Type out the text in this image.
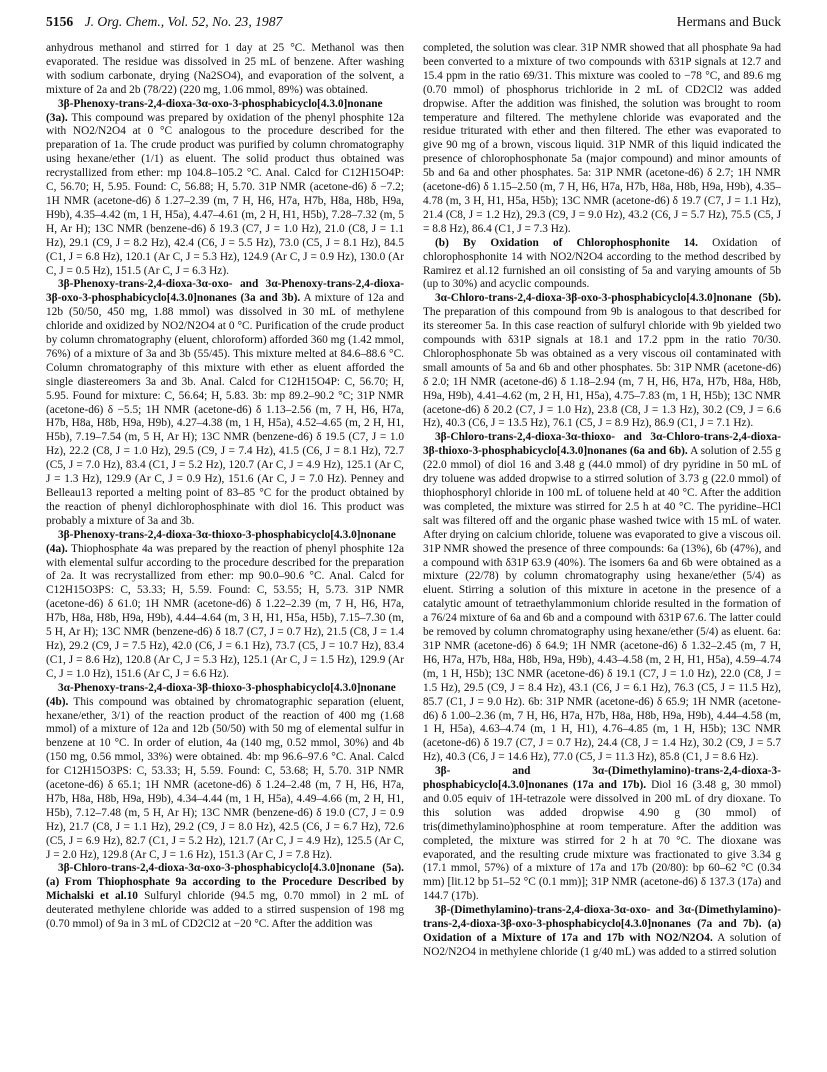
5156 J. Org. Chem., Vol. 52, No. 23, 1987	Hermans and Buck

anhydrous methanol and stirred for 1 day at 25 °C. Methanol was then evaporated. The residue was dissolved in 25 mL of benzene. After washing with sodium carbonate, drying (Na2SO4), and evaporation of the solvent, a mixture of 2a and 2b (78/22) (220 mg, 1.06 mmol, 89%) was obtained.

3β-Phenoxy-trans-2,4-dioxa-3α-oxo-3-phosphabicyclo[4.3.0]nonane (3a). This compound was prepared by oxidation of the phenyl phosphite 12a with NO2/N2O4 at 0 °C analogous to the procedure described for the preparation of 1a. The crude product was purified by column chromatography using hexane/ether (1/1) as eluent. The solid product thus obtained was recrystallized from ether: mp 104.8–105.2 °C. Anal. Calcd for C12H15O4P: C, 56.70; H, 5.95. Found: C, 56.88; H, 5.70. 31P NMR (acetone-d6) δ −7.2; 1H NMR (acetone-d6) δ 1.27–2.39 (m, 7 H, H6, H7a, H7b, H8a, H8b, H9a, H9b), 4.35–4.42 (m, 1 H, H5a), 4.47–4.61 (m, 2 H, H1, H5b), 7.28–7.32 (m, 5 H, Ar H); 13C NMR (benzene-d6) δ 19.3 (C7, J = 1.0 Hz), 21.0 (C8, J = 1.1 Hz), 29.1 (C9, J = 8.2 Hz), 42.4 (C6, J = 5.5 Hz), 73.0 (C5, J = 8.1 Hz), 84.5 (C1, J = 6.8 Hz), 120.1 (Ar C, J = 5.3 Hz), 124.9 (Ar C, J = 0.9 Hz), 130.0 (Ar C, J = 0.5 Hz), 151.5 (Ar C, J = 6.3 Hz).

3β-Phenoxy-trans-2,4-dioxa-3α-oxo- and 3α-Phenoxy-trans-2,4-dioxa-3β-oxo-3-phosphabicyclo[4.3.0]nonanes (3a and 3b). A mixture of 12a and 12b (50/50, 450 mg, 1.88 mmol) was dissolved in 30 mL of methylene chloride and oxidized by NO2/N2O4 at 0 °C. Purification of the crude product by column chromatography (eluent, chloroform) afforded 360 mg (1.42 mmol, 76%) of a mixture of 3a and 3b (55/45). This mixture melted at 84.6–88.6 °C. Column chromatography of this mixture with ether as eluent afforded the single diastereomers 3a and 3b. Anal. Calcd for C12H15O4P: C, 56.70; H, 5.95. Found for mixture: C, 56.64; H, 5.83. 3b: mp 89.2–90.2 °C; 31P NMR (acetone-d6) δ −5.5; 1H NMR (acetone-d6) δ 1.13–2.56 (m, 7 H, H6, H7a, H7b, H8a, H8b, H9a, H9b), 4.27–4.38 (m, 1 H, H5a), 4.52–4.65 (m, 2 H, H1, H5b), 7.19–7.54 (m, 5 H, Ar H); 13C NMR (benzene-d6) δ 19.5 (C7, J = 1.0 Hz), 22.2 (C8, J = 1.0 Hz), 29.5 (C9, J = 7.4 Hz), 41.5 (C6, J = 8.1 Hz), 72.7 (C5, J = 7.0 Hz), 83.4 (C1, J = 5.2 Hz), 120.7 (Ar C, J = 4.9 Hz), 125.1 (Ar C, J = 1.3 Hz), 129.9 (Ar C, J = 0.9 Hz), 151.6 (Ar C, J = 7.0 Hz). Penney and Belleau13 reported a melting point of 83–85 °C for the product obtained by the reaction of phenyl dichlorophosphinate with diol 16. This product was probably a mixture of 3a and 3b.

3β-Phenoxy-trans-2,4-dioxa-3α-thioxo-3-phosphabicyclo[4.3.0]nonane (4a). Thiophosphate 4a was prepared by the reaction of phenyl phosphite 12a with elemental sulfur according to the procedure described for the preparation of 2a. It was recrystallized from ether: mp 90.0–90.6 °C. Anal. Calcd for C12H15O3PS: C, 53.33; H, 5.59. Found: C, 53.55; H, 5.73. 31P NMR (acetone-d6) δ 61.0; 1H NMR (acetone-d6) δ 1.22–2.39 (m, 7 H, H6, H7a, H7b, H8a, H8b, H9a, H9b), 4.44–4.64 (m, 3 H, H1, H5a, H5b), 7.15–7.30 (m, 5 H, Ar H); 13C NMR (benzene-d6) δ 18.7 (C7, J = 0.7 Hz), 21.5 (C8, J = 1.4 Hz), 29.2 (C9, J = 7.5 Hz), 42.0 (C6, J = 6.1 Hz), 73.7 (C5, J = 10.7 Hz), 83.4 (C1, J = 8.6 Hz), 120.8 (Ar C, J = 5.3 Hz), 125.1 (Ar C, J = 1.5 Hz), 129.9 (Ar C, J = 1.0 Hz), 151.6 (Ar C, J = 6.6 Hz).

3α-Phenoxy-trans-2,4-dioxa-3β-thioxo-3-phosphabicyclo[4.3.0]nonane (4b). This compound was obtained by chromatographic separation (eluent, hexane/ether, 3/1) of the reaction product of the reaction of 400 mg (1.68 mmol) of a mixture of 12a and 12b (50/50) with 50 mg of elemental sulfur in benzene at 10 °C. In order of elution, 4a (140 mg, 0.52 mmol, 30%) and 4b (150 mg, 0.56 mmol, 33%) were obtained. 4b: mp 96.6–97.6 °C. Anal. Calcd for C12H15O3PS: C, 53.33; H, 5.59. Found: C, 53.68; H, 5.70. 31P NMR (acetone-d6) δ 65.1; 1H NMR (acetone-d6) δ 1.24–2.48 (m, 7 H, H6, H7a, H7b, H8a, H8b, H9a, H9b), 4.34–4.44 (m, 1 H, H5a), 4.49–4.66 (m, 2 H, H1, H5b), 7.12–7.48 (m, 5 H, Ar H); 13C NMR (benzene-d6) δ 19.0 (C7, J = 0.9 Hz), 21.7 (C8, J = 1.1 Hz), 29.2 (C9, J = 8.0 Hz), 42.5 (C6, J = 6.7 Hz), 72.6 (C5, J = 6.9 Hz), 82.7 (C1, J = 5.2 Hz), 121.7 (Ar C, J = 4.9 Hz), 125.5 (Ar C, J = 2.0 Hz), 129.8 (Ar C, J = 1.6 Hz), 151.3 (Ar C, J = 7.8 Hz).

3β-Chloro-trans-2,4-dioxa-3α-oxo-3-phosphabicyclo[4.3.0]nonane (5a). (a) From Thiophosphate 9a according to the Procedure Described by Michalski et al.10 Sulfuryl chloride (94.5 mg, 0.70 mmol) in 2 mL of deuterated methylene chloride was added to a stirred suspension of 198 mg (0.70 mmol) of 9a in 3 mL of CD2Cl2 at −20 °C. After the addition was

completed, the solution was clear. 31P NMR showed that all phosphate 9a had been converted to a mixture of two compounds with δ31P signals at 12.7 and 15.4 ppm in the ratio 69/31. This mixture was cooled to −78 °C, and 89.6 mg (0.70 mmol) of phosphorus trichloride in 2 mL of CD2Cl2 was added dropwise. After the addition was finished, the solution was brought to room temperature and filtered. The methylene chloride was evaporated and the residue triturated with ether and then filtered. The ether was evaporated to give 90 mg of a brown, viscous liquid. 31P NMR of this liquid indicated the presence of chlorophosphonate 5a (major compound) and minor amounts of 5b and 6a and other phosphates. 5a: 31P NMR (acetone-d6) δ 2.7; 1H NMR (acetone-d6) δ 1.15–2.50 (m, 7 H, H6, H7a, H7b, H8a, H8b, H9a, H9b), 4.35–4.78 (m, 3 H, H1, H5a, H5b); 13C NMR (acetone-d6) δ 19.7 (C7, J = 1.1 Hz), 21.4 (C8, J = 1.2 Hz), 29.3 (C9, J = 9.0 Hz), 43.2 (C6, J = 5.7 Hz), 75.5 (C5, J = 8.8 Hz), 86.4 (C1, J = 7.3 Hz).

(b) By Oxidation of Chlorophosphonite 14. Oxidation of chlorophosphonite 14 with NO2/N2O4 according to the method described by Ramirez et al.12 furnished an oil consisting of 5a and varying amounts of 5b (up to 30%) and acyclic compounds.

3α-Chloro-trans-2,4-dioxa-3β-oxo-3-phosphabicyclo[4.3.0]nonane (5b). The preparation of this compound from 9b is analogous to that described for its stereomer 5a. In this case reaction of sulfuryl chloride with 9b yielded two compounds with δ31P signals at 18.1 and 17.2 ppm in the ratio 70/30. Chlorophosphonate 5b was obtained as a very viscous oil contaminated with small amounts of 5a and 6b and other phosphates. 5b: 31P NMR (acetone-d6) δ 2.0; 1H NMR (acetone-d6) δ 1.18–2.94 (m, 7 H, H6, H7a, H7b, H8a, H8b, H9a, H9b), 4.41–4.62 (m, 2 H, H1, H5a), 4.75–7.83 (m, 1 H, H5b); 13C NMR (acetone-d6) δ 20.2 (C7, J = 1.0 Hz), 23.8 (C8, J = 1.3 Hz), 30.2 (C9, J = 6.6 Hz), 40.3 (C6, J = 13.5 Hz), 76.1 (C5, J = 8.9 Hz), 86.9 (C1, J = 7.1 Hz).

3β-Chloro-trans-2,4-dioxa-3α-thioxo- and 3α-Chloro-trans-2,4-dioxa-3β-thioxo-3-phosphabicyclo[4.3.0]nonanes (6a and 6b). A solution of 2.55 g (22.0 mmol) of diol 16 and 3.48 g (44.0 mmol) of dry pyridine in 50 mL of dry toluene was added dropwise to a stirred solution of 3.73 g (22.0 mmol) of thiophosphoryl chloride in 100 mL of toluene held at 40 °C. After the addition was completed, the mixture was stirred for 2.5 h at 40 °C. The pyridine–HCl salt was filtered off and the organic phase washed twice with 15 mL of water. After drying on calcium chloride, toluene was evaporated to give a viscous oil. 31P NMR showed the presence of three compounds: 6a (13%), 6b (47%), and a compound with δ31P 63.9 (40%). The isomers 6a and 6b were obtained as a mixture (22/78) by column chromatography using hexane/ether (5/4) as eluent. Stirring a solution of this mixture in acetone in the presence of a catalytic amount of tetraethylammonium chloride resulted in the formation of a 76/24 mixture of 6a and 6b and a compound with δ31P 67.6. The latter could be removed by column chromatography using hexane/ether (5/4) as eluent. 6a: 31P NMR (acetone-d6) δ 64.9; 1H NMR (acetone-d6) δ 1.32–2.45 (m, 7 H, H6, H7a, H7b, H8a, H8b, H9a, H9b), 4.43–4.58 (m, 2 H, H1, H5a), 4.59–4.74 (m, 1 H, H5b); 13C NMR (acetone-d6) δ 19.1 (C7, J = 1.0 Hz), 22.0 (C8, J = 1.5 Hz), 29.5 (C9, J = 8.4 Hz), 43.1 (C6, J = 6.1 Hz), 76.3 (C5, J = 11.5 Hz), 85.7 (C1, J = 9.0 Hz). 6b: 31P NMR (acetone-d6) δ 65.9; 1H NMR (acetone-d6) δ 1.00–2.36 (m, 7 H, H6, H7a, H7b, H8a, H8b, H9a, H9b), 4.44–4.58 (m, 1 H, H5a), 4.63–4.74 (m, 1 H, H1), 4.76–4.85 (m, 1 H, H5b); 13C NMR (acetone-d6) δ 19.7 (C7, J = 0.7 Hz), 24.4 (C8, J = 1.4 Hz), 30.2 (C9, J = 5.7 Hz), 40.3 (C6, J = 14.6 Hz), 77.0 (C5, J = 11.3 Hz), 85.8 (C1, J = 8.6 Hz).

3β- and 3α-(Dimethylamino)-trans-2,4-dioxa-3-phosphabicyclo[4.3.0]nonanes (17a and 17b). Diol 16 (3.48 g, 30 mmol) and 0.05 equiv of 1H-tetrazole were dissolved in 200 mL of dry dioxane. To this solution was added dropwise 4.90 g (30 mmol) of tris(dimethylamino)phosphine at room temperature. After the addition was completed, the mixture was stirred for 2 h at 70 °C. The dioxane was evaporated, and the resulting crude mixture was fractionated to give 3.34 g (17.1 mmol, 57%) of a mixture of 17a and 17b (20/80): bp 60–62 °C (0.34 mm) [lit.12 bp 51–52 °C (0.1 mm)]; 31P NMR (acetone-d6) δ 137.3 (17a) and 144.7 (17b).

3β-(Dimethylamino)-trans-2,4-dioxa-3α-oxo- and 3α-(Dimethylamino)-trans-2,4-dioxa-3β-oxo-3-phosphabicyclo[4.3.0]nonanes (7a and 7b). (a) Oxidation of a Mixture of 17a and 17b with NO2/N2O4. A solution of NO2/N2O4 in methylene chloride (1 g/40 mL) was added to a stirred solution
